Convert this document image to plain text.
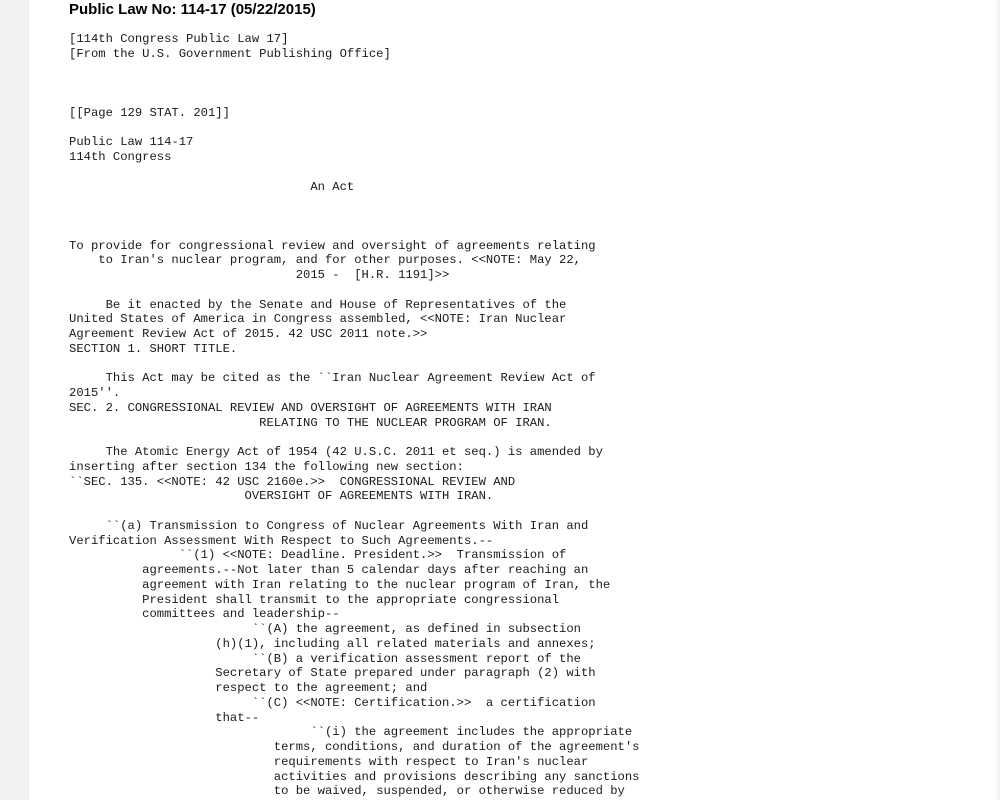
Public Law No: 114-17 (05/22/2015)
[114th Congress Public Law 17]
[From the U.S. Government Publishing Office]

[[Page 129 STAT. 201]]

Public Law 114-17
114th Congress

An Act

To provide for congressional review and oversight of agreements relating
to Iran's nuclear program, and for other purposes. <<NOTE: May 22,
2015 -  [H.R. 1191]>>

Be it enacted by the Senate and House of Representatives of the
United States of America in Congress assembled, <<NOTE: Iran Nuclear
Agreement Review Act of 2015. 42 USC 2011 note.>>
SECTION 1. SHORT TITLE.

This Act may be cited as the ``Iran Nuclear Agreement Review Act of
2015''.
SEC. 2. CONGRESSIONAL REVIEW AND OVERSIGHT OF AGREEMENTS WITH IRAN
RELATING TO THE NUCLEAR PROGRAM OF IRAN.

The Atomic Energy Act of 1954 (42 U.S.C. 2011 et seq.) is amended by
inserting after section 134 the following new section:
``SEC. 135. <<NOTE: 42 USC 2160e.>>  CONGRESSIONAL REVIEW AND
OVERSIGHT OF AGREEMENTS WITH IRAN.

``(a) Transmission to Congress of Nuclear Agreements With Iran and
Verification Assessment With Respect to Such Agreements.--
``(1) <<NOTE: Deadline. President.>>  Transmission of
agreements.--Not later than 5 calendar days after reaching an
agreement with Iran relating to the nuclear program of Iran, the
President shall transmit to the appropriate congressional
committees and leadership--
``(A) the agreement, as defined in subsection
(h)(1), including all related materials and annexes;
``(B) a verification assessment report of the
Secretary of State prepared under paragraph (2) with
respect to the agreement; and
``(C) <<NOTE: Certification.>>  a certification
that--
``(i) the agreement includes the appropriate
terms, conditions, and duration of the agreement's
requirements with respect to Iran's nuclear
activities and provisions describing any sanctions
to be waived, suspended, or otherwise reduced by
